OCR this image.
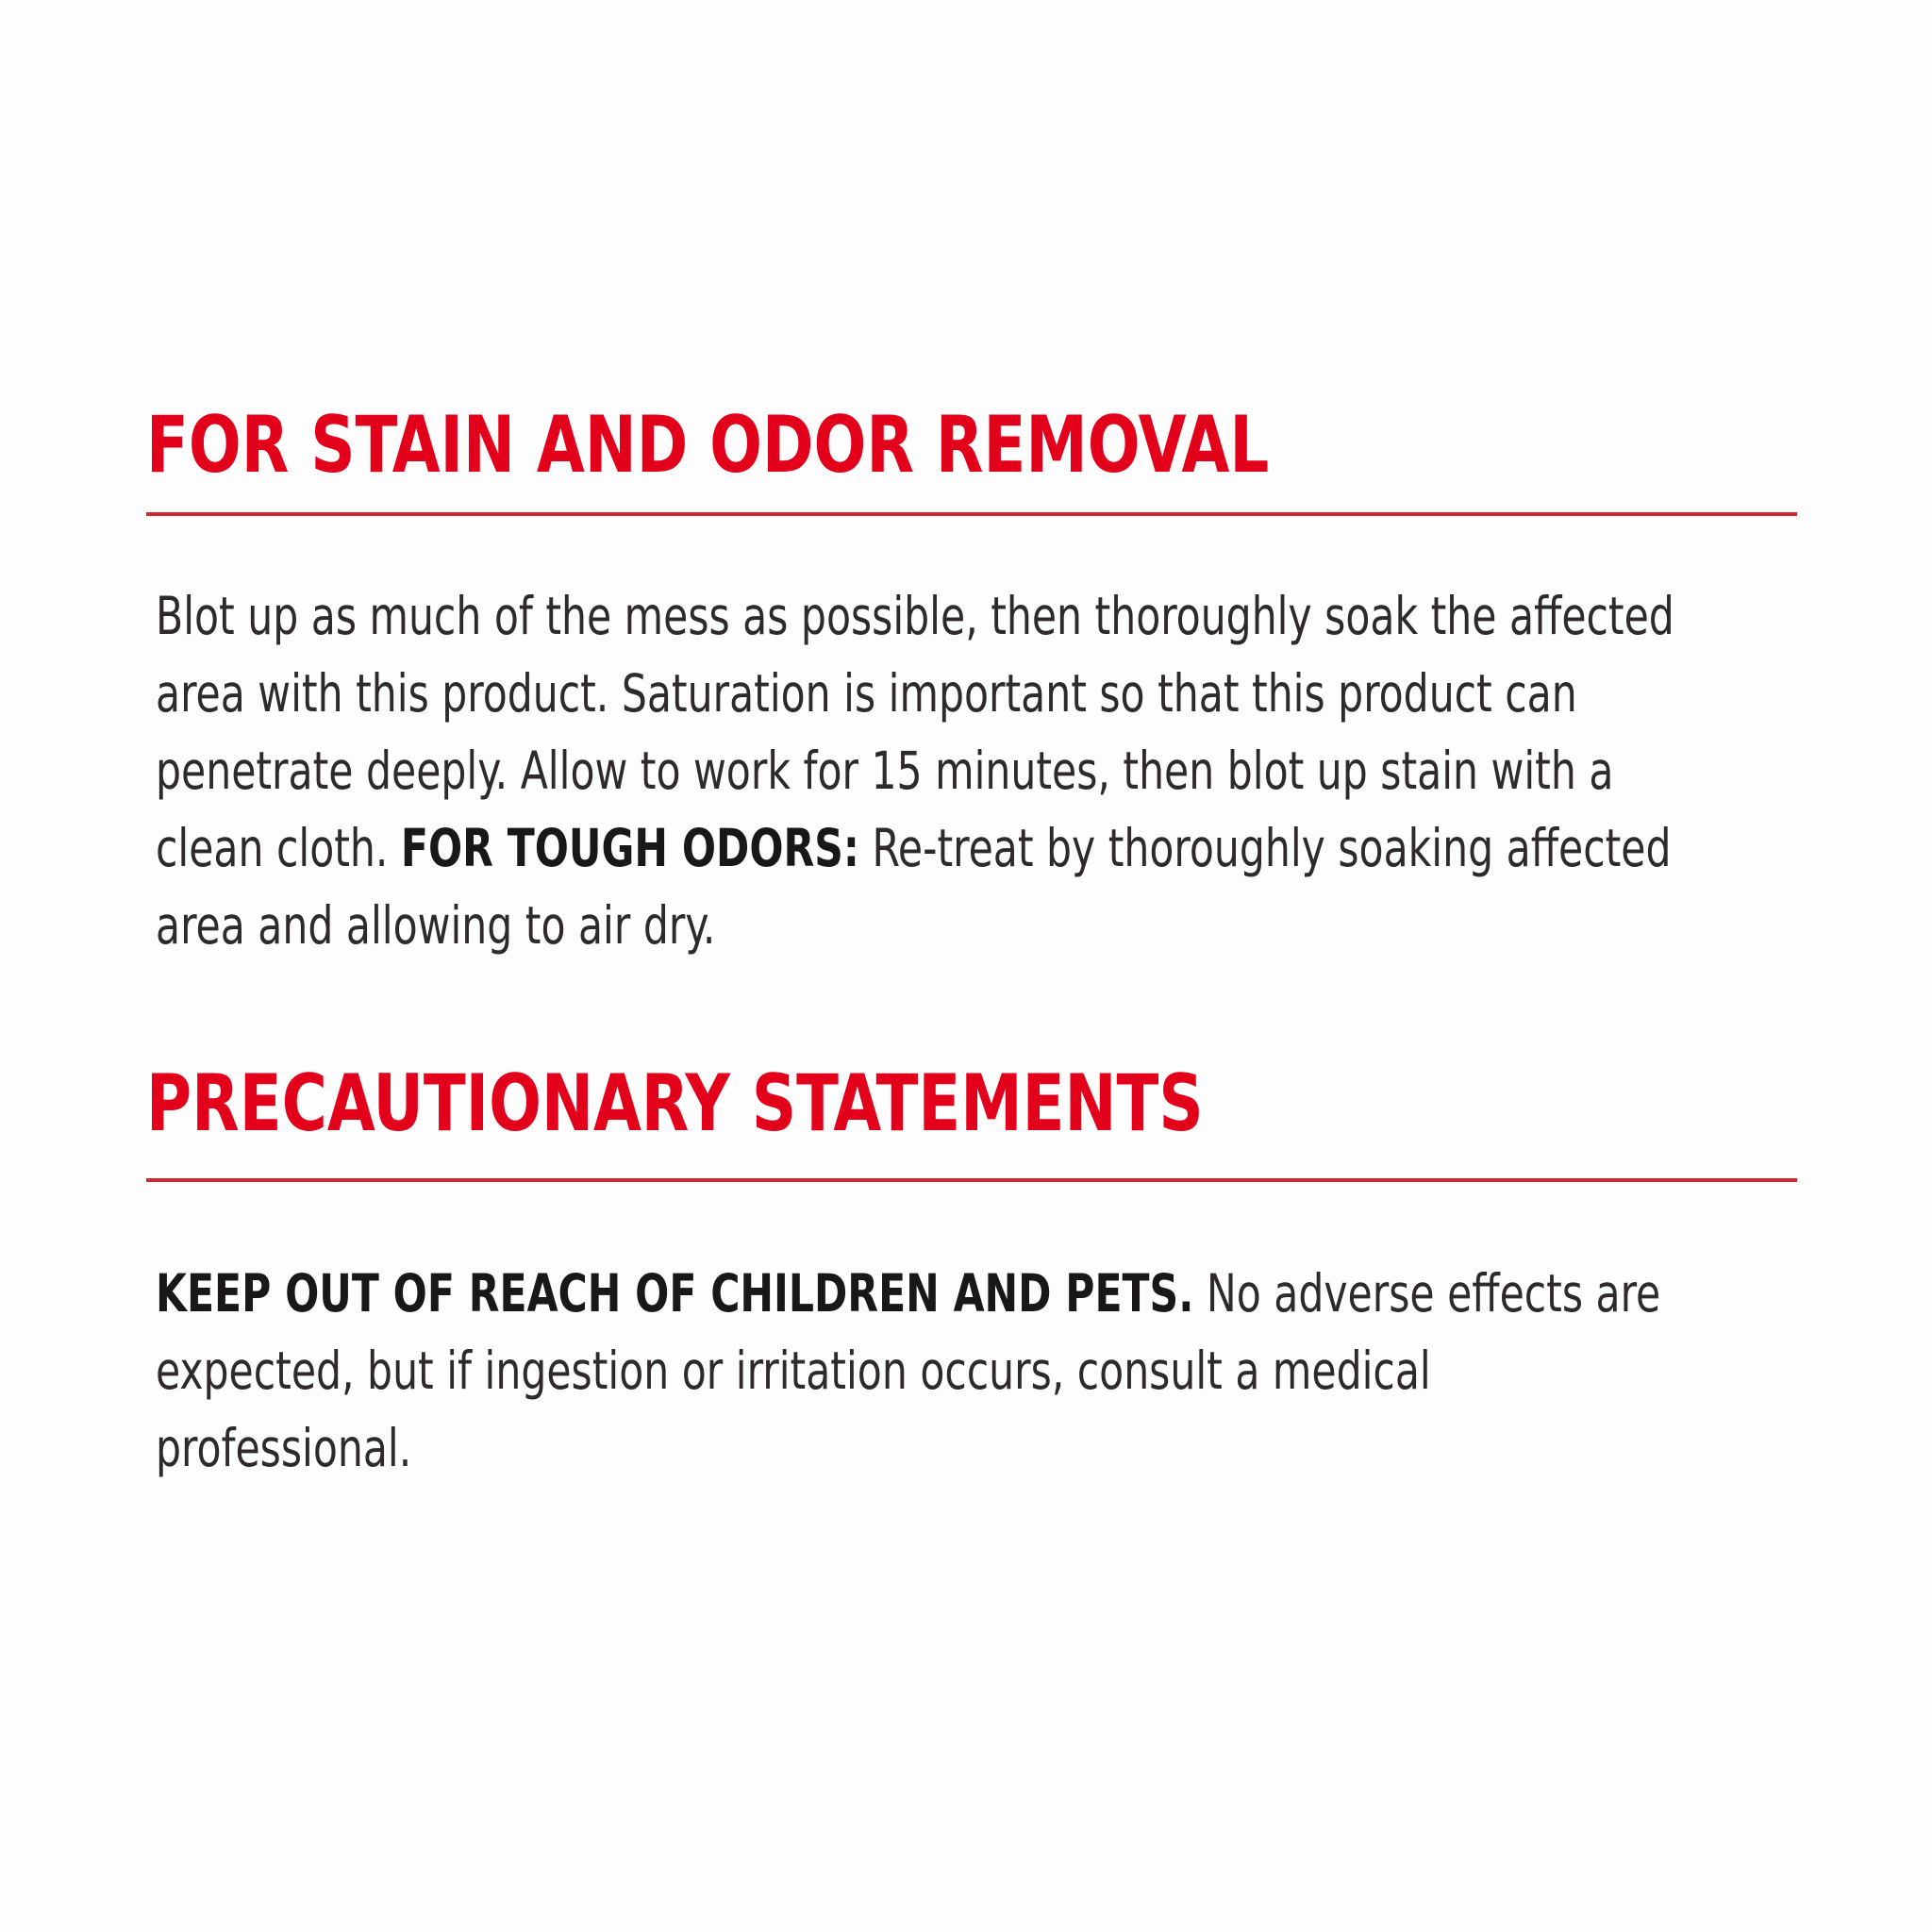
FOR STAIN AND ODOR REMOVAL

Blot up as much of the mess as possible, then thoroughly soak the affected
area with this product. Saturation is important so that this product can
penetrate deeply. Allow to work for 15 minutes, then blot up stain with a
clean cloth. FOR TOUGH ODORS: Re-treat by thoroughly soaking affected
area and allowing to air dry.

PRECAUTIONARY STATEMENTS

KEEP OUT OF REACH OF CHILDREN AND PETS. No adverse effects are
expected, but if ingestion or irritation occurs, consult a medical
professional.
